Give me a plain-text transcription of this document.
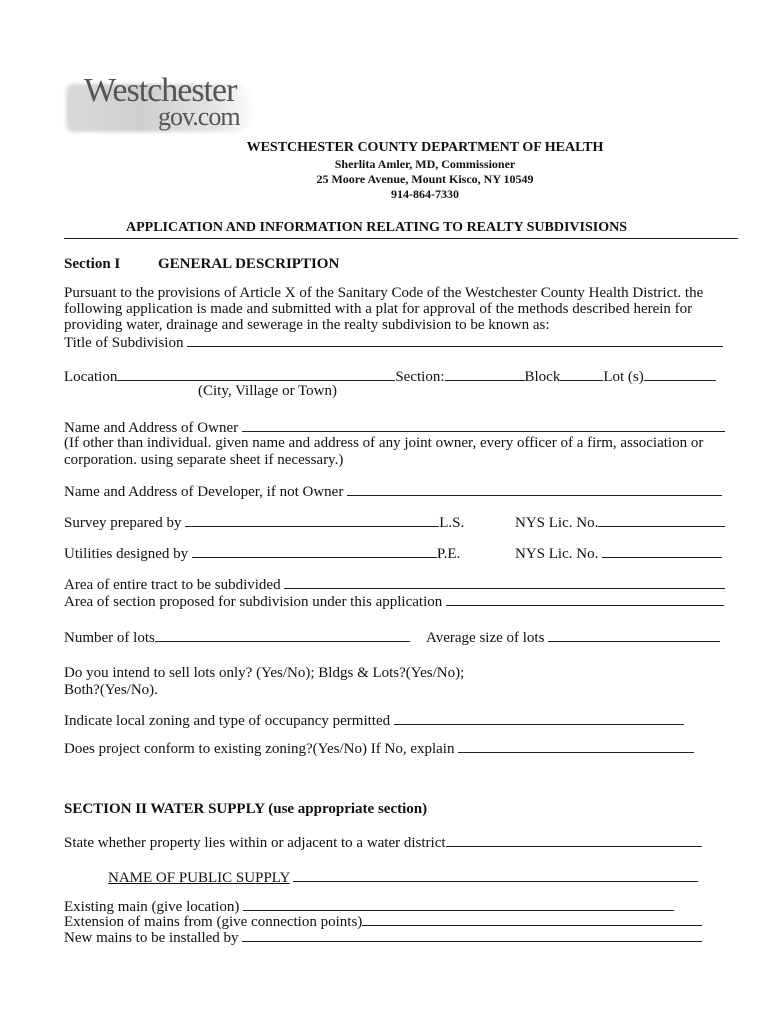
Westchester
gov.com
WESTCHESTER COUNTY DEPARTMENT OF HEALTH
Sherlita Amler, MD, Commissioner
25 Moore Avenue, Mount Kisco, NY 10549
914-864-7330
APPLICATION AND INFORMATION RELATING TO REALTY SUBDIVISIONS
Section I	GENERAL DESCRIPTION
Pursuant to the provisions of Article X of the Sanitary Code of the Westchester County Health District. the
following application is made and submitted with a plat for approval of the methods described herein for
providing water, drainage and sewerage in the realty subdivision to be known as:
Title of Subdivision
Location	Section:	Block	Lot (s)
(City, Village or Town)
Name and Address of Owner
(If other than individual. given name and address of any joint owner, every officer of a firm, association or
corporation. using separate sheet if necessary.)
Name and Address of Developer, if not Owner
Survey prepared by	L.S.	NYS Lic. No.
Utilities designed by	P.E.	NYS Lic. No.
Area of entire tract to be subdivided
Area of section proposed for subdivision under this application
Number of lots	Average size of lots
Do you intend to sell lots only? (Yes/No); Bldgs & Lots?(Yes/No);
Both?(Yes/No).
Indicate local zoning and type of occupancy permitted
Does project conform to existing zoning?(Yes/No) If No, explain
SECTION II WATER SUPPLY (use appropriate section)
State whether property lies within or adjacent to a water district
NAME OF PUBLIC SUPPLY
Existing main (give location)
Extension of mains from (give connection points)
New mains to be installed by
